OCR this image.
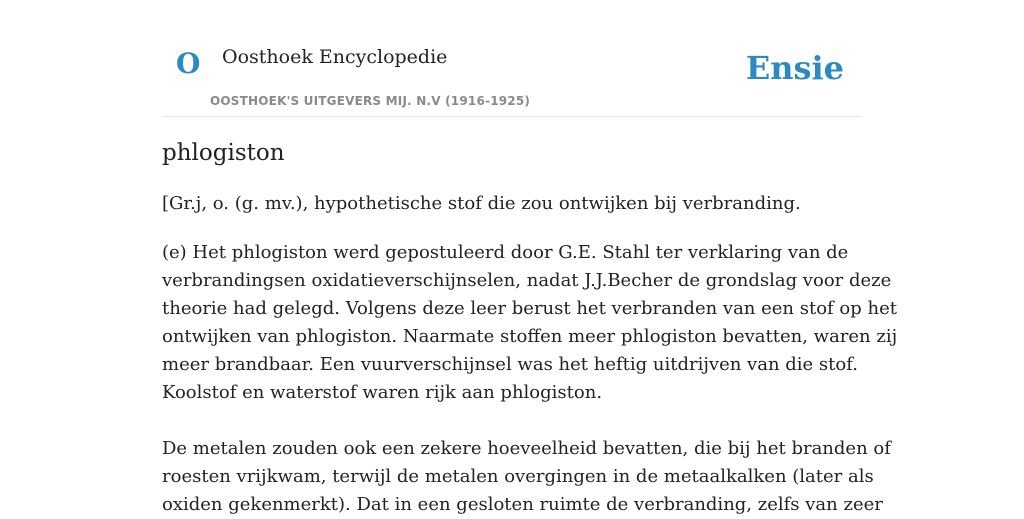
O Oosthoek Encyclopedie
OOSTHOEK'S UITGEVERS MIJ. N.V (1916-1925)
Ensie
phlogiston

[Gr.j, o. (g. mv.), hypothetische stof die zou ontwijken bij verbranding.

(e) Het phlogiston werd gepostuleerd door G.E. Stahl ter verklaring van de
verbrandingsen oxidatieverschijnselen, nadat J.J.Becher de grondslag voor deze
theorie had gelegd. Volgens deze leer berust het verbranden van een stof op het
ontwijken van phlogiston. Naarmate stoffen meer phlogiston bevatten, waren zij
meer brandbaar. Een vuurverschijnsel was het heftig uitdrijven van die stof.
Koolstof en waterstof waren rijk aan phlogiston.
De metalen zouden ook een zekere hoeveelheid bevatten, die bij het branden of
roesten vrijkwam, terwijl de metalen overgingen in de metaalkalken (later als
oxiden gekenmerkt). Dat in een gesloten ruimte de verbranding, zelfs van zeer
